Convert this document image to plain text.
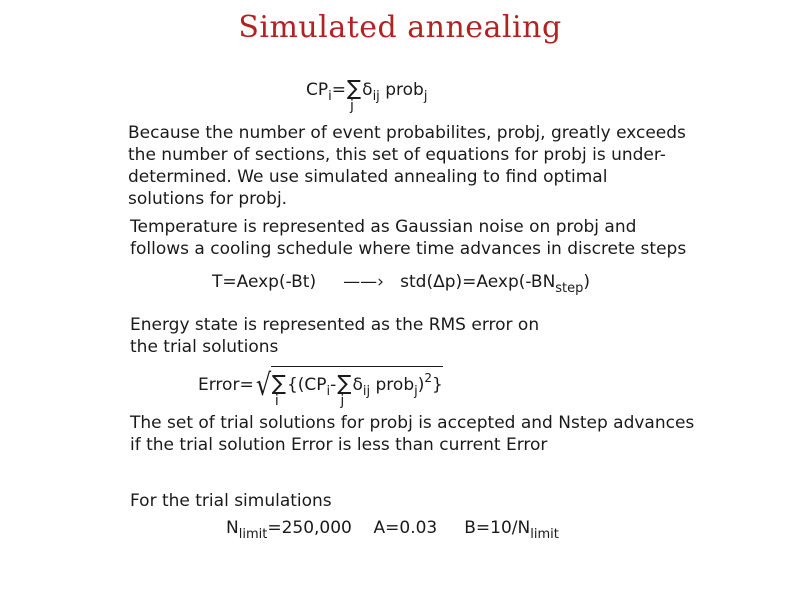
Simulated annealing
$CP_i=\sum$
j
$\delta_{ij}$ prob$_j$
Because the number of event probabilites, probj, greatly exceeds the number of sections, this set of equations for probj is under-determined. We use simulated annealing to find optimal solutions for probj.
Temperature is represented as Gaussian noise on probj and follows a cooling schedule where time advances in discrete steps
T=Aexp(-Bt) ——› $std(\Delta p)=Aexp(-BN_{step})$
Energy state is represented as the RMS error on the trial solutions
Error=√∑
i
{($CP_i-\sum$
j
$\delta_{ij}$ prob$_j$)$^2$}
The set of trial solutions for probj is accepted and Nstep advances if the trial solution Error is less than current Error
For the trial simulations
$N_{limit}=250,000$ A=0.03 $B=10/N_{limit}$
